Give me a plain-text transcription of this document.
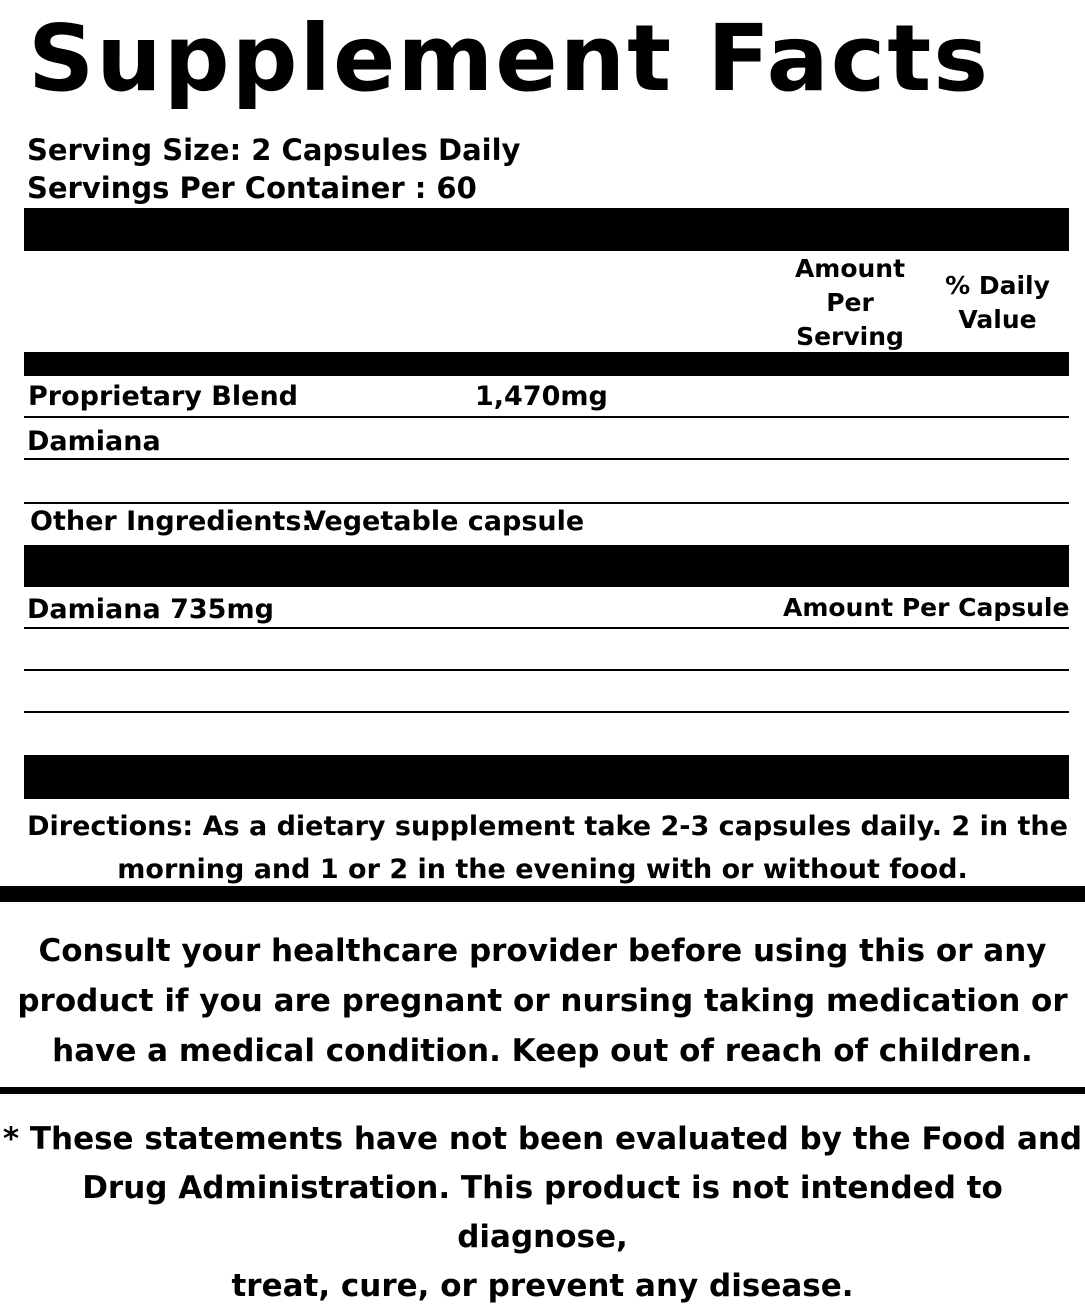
Supplement Facts
Serving Size: 2 Capsules Daily
Servings Per Container : 60
Amount
Per
Serving
% Daily
Value
Proprietary Blend	1,470mg
Damiana
Other Ingredients:
Vegetable capsule
Damiana 735mg	Amount Per Capsule
Directions: As a dietary supplement take 2-3 capsules daily. 2 in the
morning and 1 or 2 in the evening with or without food.
Consult your healthcare provider before using this or any
product if you are pregnant or nursing taking medication or
have a medical condition. Keep out of reach of children.
* These statements have not been evaluated by the Food and
Drug Administration. This product is not intended to diagnose,
treat, cure, or prevent any disease.
